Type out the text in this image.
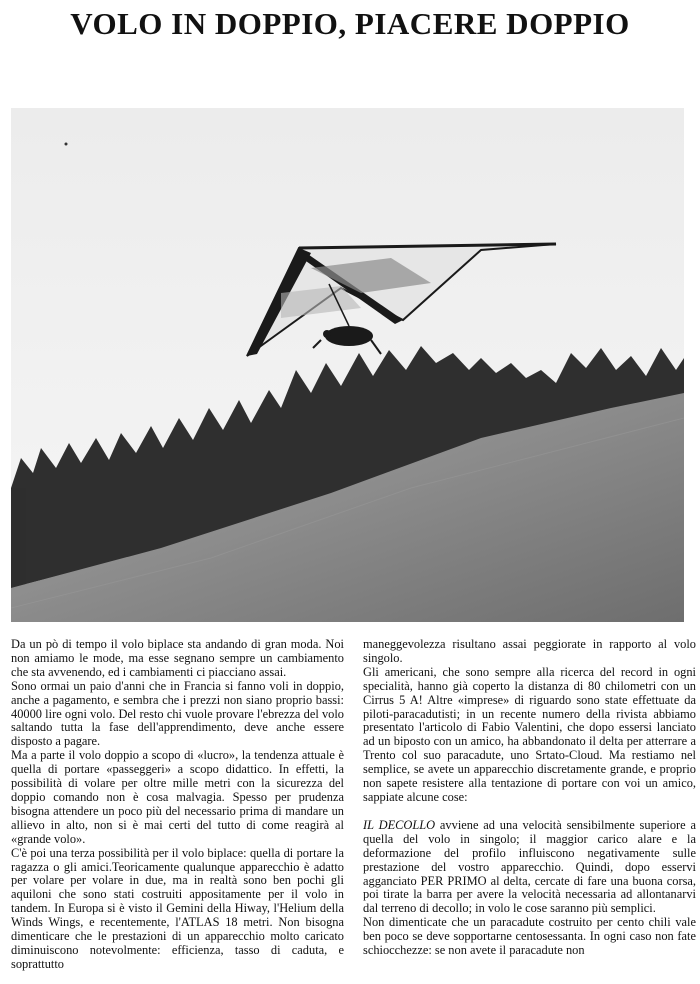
VOLO IN DOPPIO, PIACERE DOPPIO

Da un pò di tempo il volo biplace sta andando di gran moda. Noi non amiamo le mode, ma esse segnano sempre un cambiamento che sta avvenendo, ed i cambiamenti ci piacciano assai.

Sono ormai un paio d'anni che in Francia si fanno voli in doppio, anche a pagamento, e sembra che i prezzi non siano proprio bassi: 40000 lire ogni volo. Del resto chi vuole provare l'ebrezza del volo saltando tutta la fase dell'apprendimento, deve anche essere disposto a pagare.

Ma a parte il volo doppio a scopo di «lucro», la tendenza attuale è quella di portare «passeggeri» a scopo didattico. In effetti, la possibilità di volare per oltre mille metri con la sicurezza del doppio comando non è cosa malvagia. Spesso per prudenza bisogna attendere un poco più del necessario prima di mandare un allievo in alto, non si è mai certi del tutto di come reagirà al «grande volo».

C'è poi una terza possibilità per il volo biplace: quella di portare la ragazza o gli amici.Teoricamente qualunque apparecchio è adatto per volare per volare in due, ma in realtà sono ben pochi gli aquiloni che sono stati costruiti appositamente per il volo in tandem. In Europa si è visto il Gemini della Hiway, l'Helium della Winds Wings, e recentemente, l'ATLAS 18 metri. Non bisogna dimenticare che le prestazioni di un apparecchio molto caricato diminuiscono notevolmente: efficienza, tasso di caduta, e soprattutto

maneggevolezza risultano assai peggiorate in rapporto al volo singolo.

Gli americani, che sono sempre alla ricerca del record in ogni specialità, hanno già coperto la distanza di 80 chilometri con un Cirrus 5 A! Altre «imprese» di riguardo sono state effettuate da piloti-paracadutisti; in un recente numero della rivista abbiamo presentato l'articolo di Fabio Valentini, che dopo essersi lanciato ad un biposto con un amico, ha abbandonato il delta per atterrare a Trento col suo paracadute, uno Srtato-Cloud. Ma restiamo nel semplice, se avete un apparecchio discretamente grande, e proprio non sapete resistere alla tentazione di portare con voi un amico, sappiate alcune cose:

IL DECOLLO avviene ad una velocità sensibilmente superiore a quella del volo in singolo; il maggior carico alare e la deformazione del profilo influiscono negativamente sulle prestazione del vostro apparecchio. Quindi, dopo esservi agganciato PER PRIMO al delta, cercate di fare una buona corsa, poi tirate la barra per avere la velocità necessaria ad allontanarvi dal terreno di decollo; in volo le cose saranno più semplici.

Non dimenticate che un paracadute costruito per cento chili vale ben poco se deve sopportarne centosessanta. In ogni caso non fate schiocchezze: se non avete il paracadute non
